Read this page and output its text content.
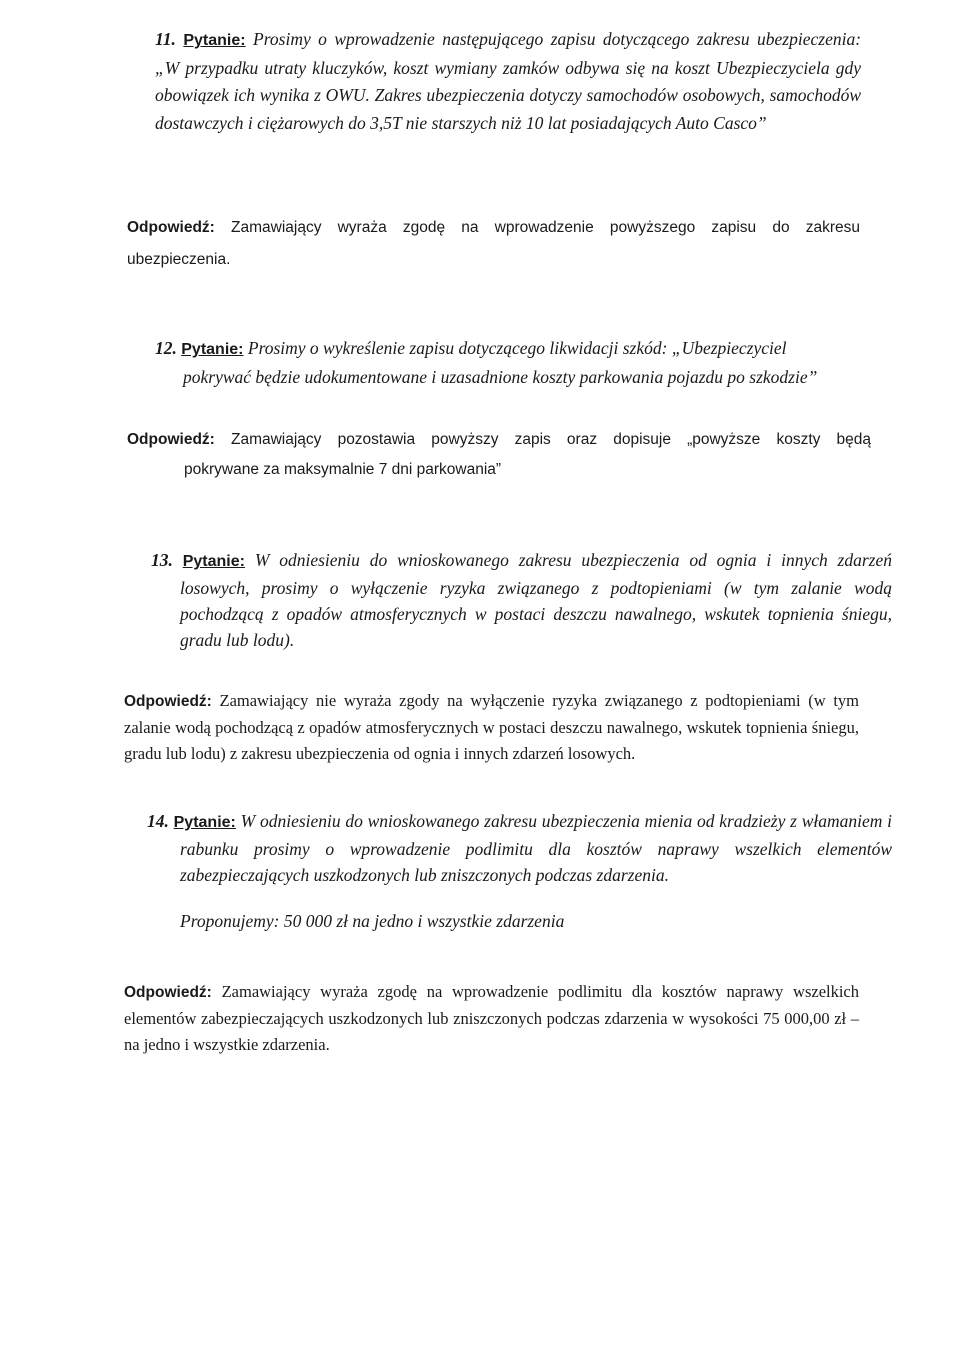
11. Pytanie: Prosimy o wprowadzenie następującego zapisu dotyczącego zakresu ubezpieczenia: „W przypadku utraty kluczyków, koszt wymiany zamków odbywa się na koszt Ubezpieczyciela gdy obowiązek ich wynika z OWU. Zakres ubezpieczenia dotyczy samochodów osobowych, samochodów dostawczych i ciężarowych do 3,5T nie starszych niż 10 lat posiadających Auto Casco”
Odpowiedź: Zamawiający wyraża zgodę na wprowadzenie powyższego zapisu do zakresu ubezpieczenia.
12. Pytanie: Prosimy o wykreślenie zapisu dotyczącego likwidacji szkód: „Ubezpieczyciel pokrywać będzie udokumentowane i uzasadnione koszty parkowania pojazdu po szkodzie”
Odpowiedź: Zamawiający pozostawia powyższy zapis oraz dopisuje „powyższe koszty będą
pokrywane za maksymalnie 7 dni parkowania”
13. Pytanie: W odniesieniu do wnioskowanego zakresu ubezpieczenia od ognia i innych zdarzeń losowych, prosimy o wyłączenie ryzyka związanego z podtopieniami (w tym zalanie wodą pochodzącą z opadów atmosferycznych w postaci deszczu nawalnego, wskutek topnienia śniegu, gradu lub lodu).
Odpowiedź: Zamawiający nie wyraża zgody na wyłączenie ryzyka związanego z podtopieniami (w tym zalanie wodą pochodzącą z opadów atmosferycznych w postaci deszczu nawalnego, wskutek topnienia śniegu, gradu lub lodu) z zakresu ubezpieczenia od ognia i innych zdarzeń losowych.
14. Pytanie: W odniesieniu do wnioskowanego zakresu ubezpieczenia mienia od kradzieży z włamaniem i rabunku prosimy o wprowadzenie podlimitu dla kosztów naprawy wszelkich elementów zabezpieczających uszkodzonych lub zniszczonych podczas zdarzenia.
Proponujemy: 50 000 zł na jedno i wszystkie zdarzenia
Odpowiedź: Zamawiający wyraża zgodę na wprowadzenie podlimitu dla kosztów naprawy wszelkich elementów zabezpieczających uszkodzonych lub zniszczonych podczas zdarzenia w wysokości 75 000,00 zł – na jedno i wszystkie zdarzenia.
